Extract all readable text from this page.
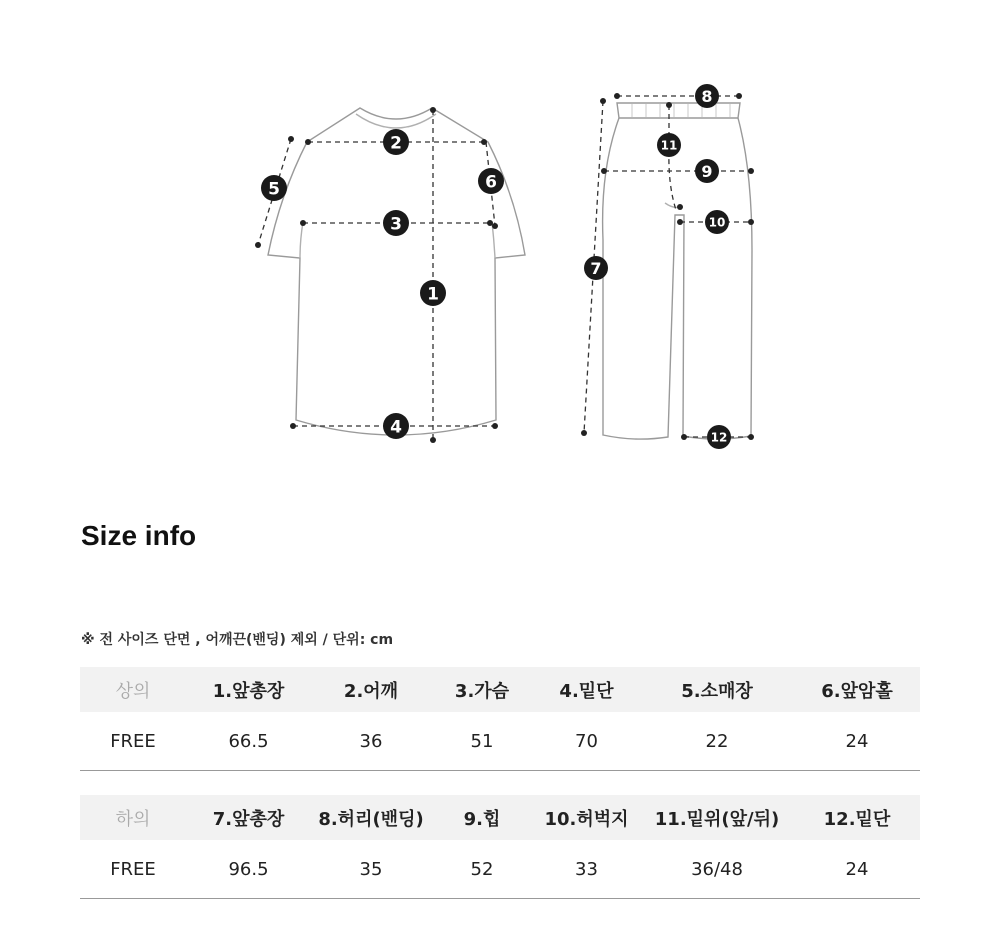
1
2
3
4
5	6
7
8
9
10
11
12
Size info
※ 전 사이즈 단면 , 어깨끈(밴딩) 제외 / 단위: cm
상의	1.앞총장	2.어깨	3.가슴	4.밑단	5.소매장	6.앞암홀
FREE	66.5	36	51	70	22	24
하의	7.앞총장	8.허리(밴딩)	9.힙	10.허벅지	11.밑위(앞/뒤)	12.밑단
FREE	96.5	35	52	33	36/48	24
